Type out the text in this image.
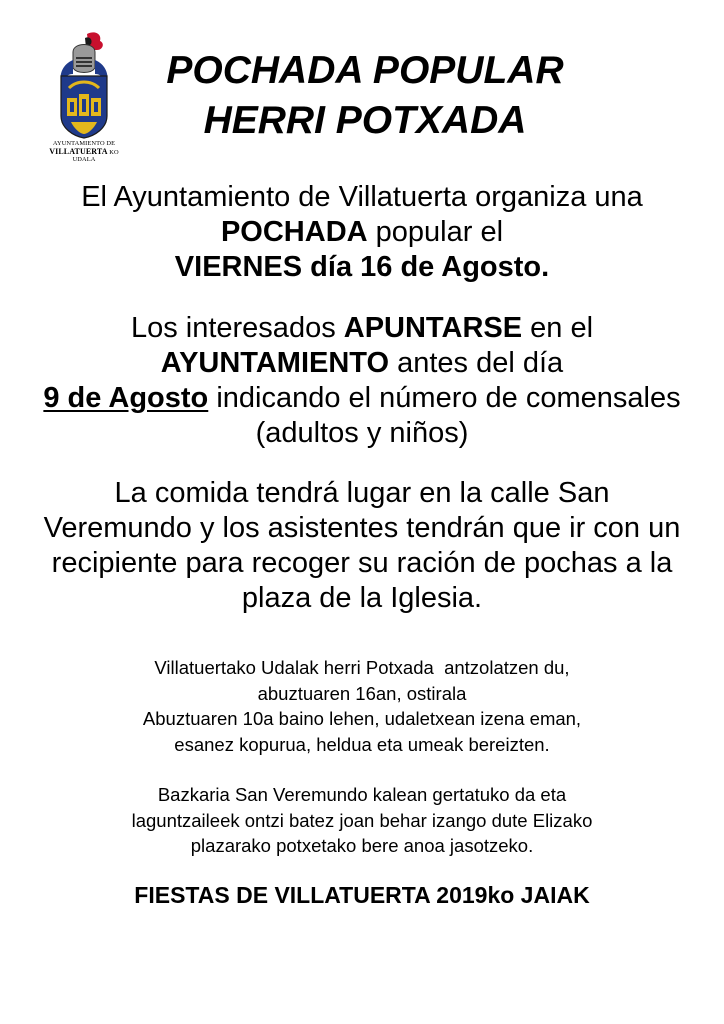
AYUNTAMIENTO DE
VILLATUERTA KO
UDALA
POCHADA POPULAR
HERRI POTXADA
El Ayuntamiento de Villatuerta organiza una POCHADA popular el
VIERNES día 16 de Agosto.
Los interesados APUNTARSE en el AYUNTAMIENTO antes del día
9 de Agosto indicando el número de comensales (adultos y niños)
La comida tendrá lugar en la calle San Veremundo y los asistentes tendrán que ir con un recipiente para recoger su ración de pochas a la plaza de la Iglesia.
Villatuertako Udalak herri Potxada  antzolatzen du,
abuztuaren 16an, ostirala
Abuztuaren 10a baino lehen, udaletxean izena eman,
esanez kopurua, heldua eta umeak bereizten.
Bazkaria San Veremundo kalean gertatuko da eta
laguntzaileek ontzi batez joan behar izango dute Elizako
plazarako potxetako bere anoa jasotzeko.
FIESTAS DE VILLATUERTA 2019ko JAIAK
